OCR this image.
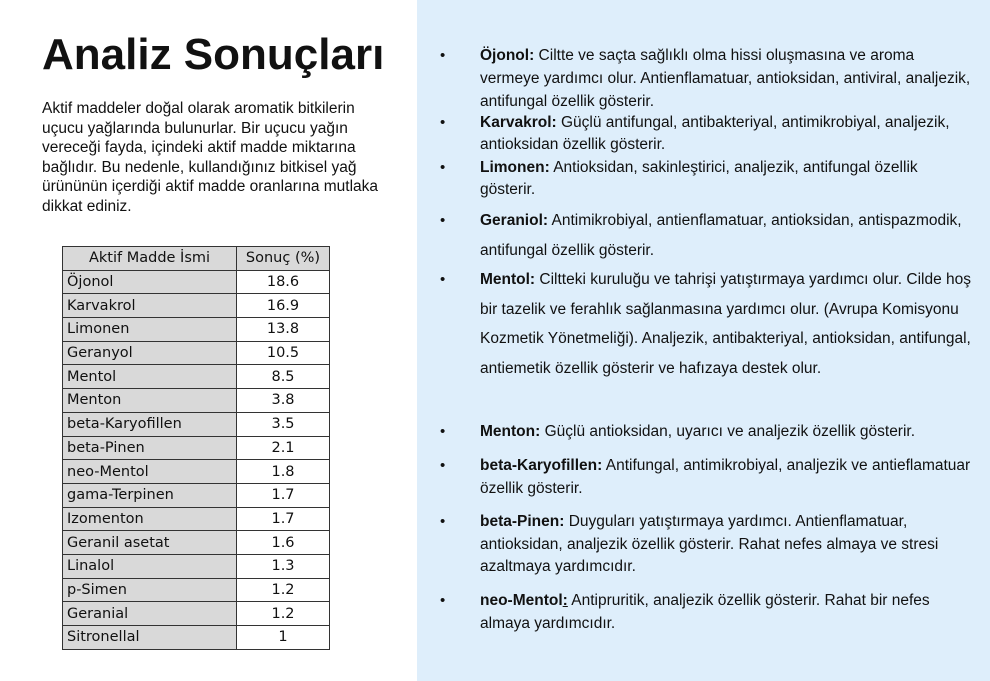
Analiz Sonuçları

Aktif maddeler doğal olarak aromatik bitkilerin uçucu yağlarında bulunurlar. Bir uçucu yağın vereceği fayda, içindeki aktif madde miktarına bağlıdır. Bu nedenle, kullandığınız bitkisel yağ ürününün içerdiği aktif madde oranlarına mutlaka dikkat ediniz.

Aktif Madde İsmi	Sonuç (%)
Öjonol	18.6
Karvakrol	16.9
Limonen	13.8
Geranyol	10.5
Mentol	8.5
Menton	3.8
beta-Karyofillen	3.5
beta-Pinen	2.1
neo-Mentol	1.8
gama-Terpinen	1.7
Izomenton	1.7
Geranil asetat	1.6
Linalol	1.3
p-Simen	1.2
Geranial	1.2
Sitronellal	1
•	Öjonol: Ciltte ve saçta sağlıklı olma hissi oluşmasına ve aroma vermeye yardımcı olur. Antienflamatuar, antioksidan, antiviral, analjezik, antifungal özellik gösterir.
•	Karvakrol: Güçlü antifungal, antibakteriyal, antimikrobiyal, analjezik, antioksidan özellik gösterir.
•	Limonen: Antioksidan, sakinleştirici, analjezik, antifungal özellik gösterir.
•	Geraniol: Antimikrobiyal, antienflamatuar, antioksidan, antispazmodik, antifungal özellik gösterir.
•	Mentol: Ciltteki kuruluğu ve tahrişi yatıştırmaya yardımcı olur. Cilde hoş bir tazelik ve ferahlık sağlanmasına yardımcı olur. (Avrupa Komisyonu Kozmetik Yönetmeliği). Analjezik, antibakteriyal, antioksidan, antifungal, antiemetik özellik gösterir ve hafızaya destek olur.
•	Menton: Güçlü antioksidan, uyarıcı ve analjezik özellik gösterir.
•	beta-Karyofillen: Antifungal, antimikrobiyal, analjezik ve antieflamatuar özellik gösterir.
•	beta-Pinen: Duyguları yatıştırmaya yardımcı. Antienflamatuar, antioksidan, analjezik özellik gösterir. Rahat nefes almaya ve stresi azaltmaya yardımcıdır.
•	neo-Mentol: Antipruritik, analjezik özellik gösterir. Rahat bir nefes almaya yardımcıdır.
